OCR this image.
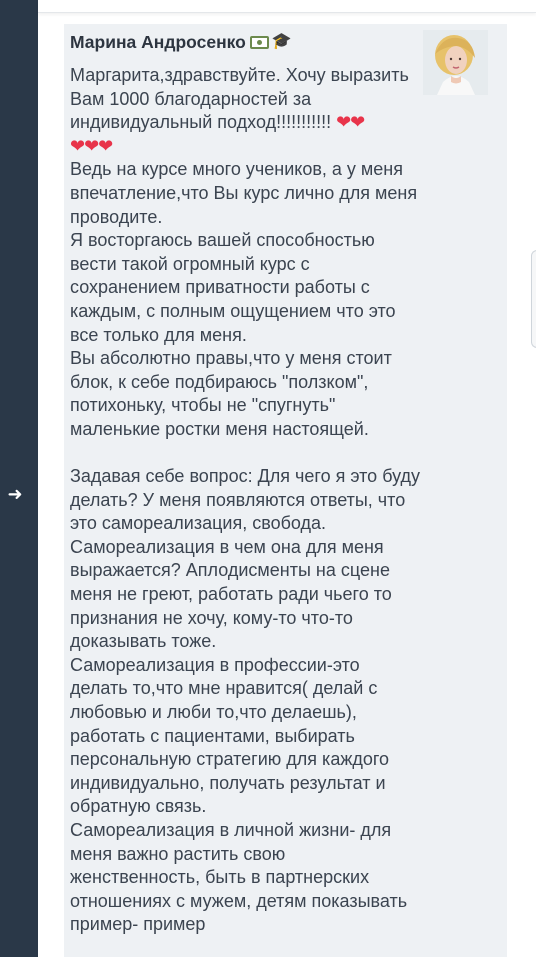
➜
Марина Андросенко 🎓

Маргарита,здравствуйте. Хочу выразить Вам 1000 благодарностей за индивидуальный подход!!!!!!!!!!! ❤❤

❤❤❤

Ведь на курсе много учеников, а у меня впечатление,что Вы курс лично для меня проводите.

Я восторгаюсь вашей способностью вести такой огромный курс с сохранением приватности работы с каждым, с полным ощущением что это все только для меня.

Вы абсолютно правы,что у меня стоит блок, к себе подбираюсь "ползком", потихоньку, чтобы не "спугнуть" маленькие ростки меня настоящей.

Задавая себе вопрос: Для чего я это буду делать? У меня появляются ответы, что это самореализация, свобода. Самореализация в чем она для меня выражается? Аплодисменты на сцене меня не греют, работать ради чьего то признания не хочу, кому-то что-то доказывать тоже.

Самореализация в профессии-это делать то,что мне нравится( делай с любовью и люби то,что делаешь), работать с пациентами, выбирать персональную стратегию для каждого индивидуально, получать результат и обратную связь.

Самореализация в личной жизни- для меня важно растить свою женственность, быть в партнерских отношениях с мужем, детям показывать пример- пример
